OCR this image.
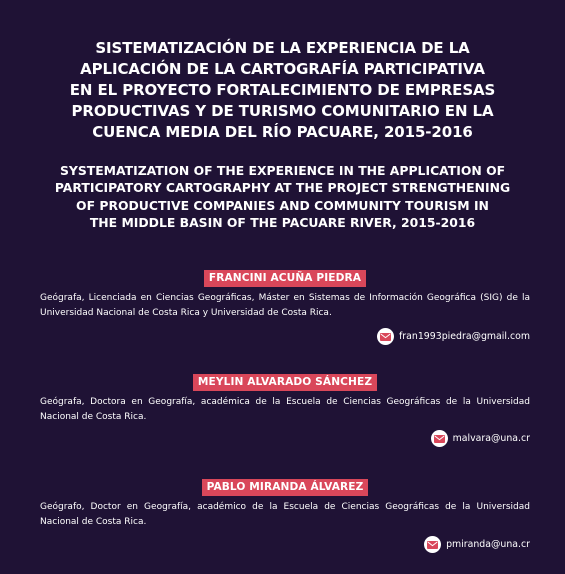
SISTEMATIZACIÓN DE LA EXPERIENCIA DE LA
APLICACIÓN DE LA CARTOGRAFÍA PARTICIPATIVA
EN EL PROYECTO FORTALECIMIENTO DE EMPRESAS
PRODUCTIVAS Y DE TURISMO COMUNITARIO EN LA
CUENCA MEDIA DEL RÍO PACUARE, 2015-2016
SYSTEMATIZATION OF THE EXPERIENCE IN THE APPLICATION OF
PARTICIPATORY CARTOGRAPHY AT THE PROJECT STRENGTHENING
OF PRODUCTIVE COMPANIES AND COMMUNITY TOURISM IN
THE MIDDLE BASIN OF THE PACUARE RIVER, 2015-2016
FRANCINI ACUÑA PIEDRA

Geógrafa, Licenciada en Ciencias Geográficas, Máster en Sistemas de Información Geográfica (SIG) de la Universidad Nacional de Costa Rica y Universidad de Costa Rica.

fran1993piedra@gmail.com
MEYLIN ALVARADO SÁNCHEZ

Geógrafa, Doctora en Geografía, académica de la Escuela de Ciencias Geográficas de la Universidad Nacional de Costa Rica.

malvara@una.cr
PABLO MIRANDA ÁLVAREZ

Geógrafo, Doctor en Geografía, académico de la Escuela de Ciencias Geográficas de la Universidad Nacional de Costa Rica.

pmiranda@una.cr
